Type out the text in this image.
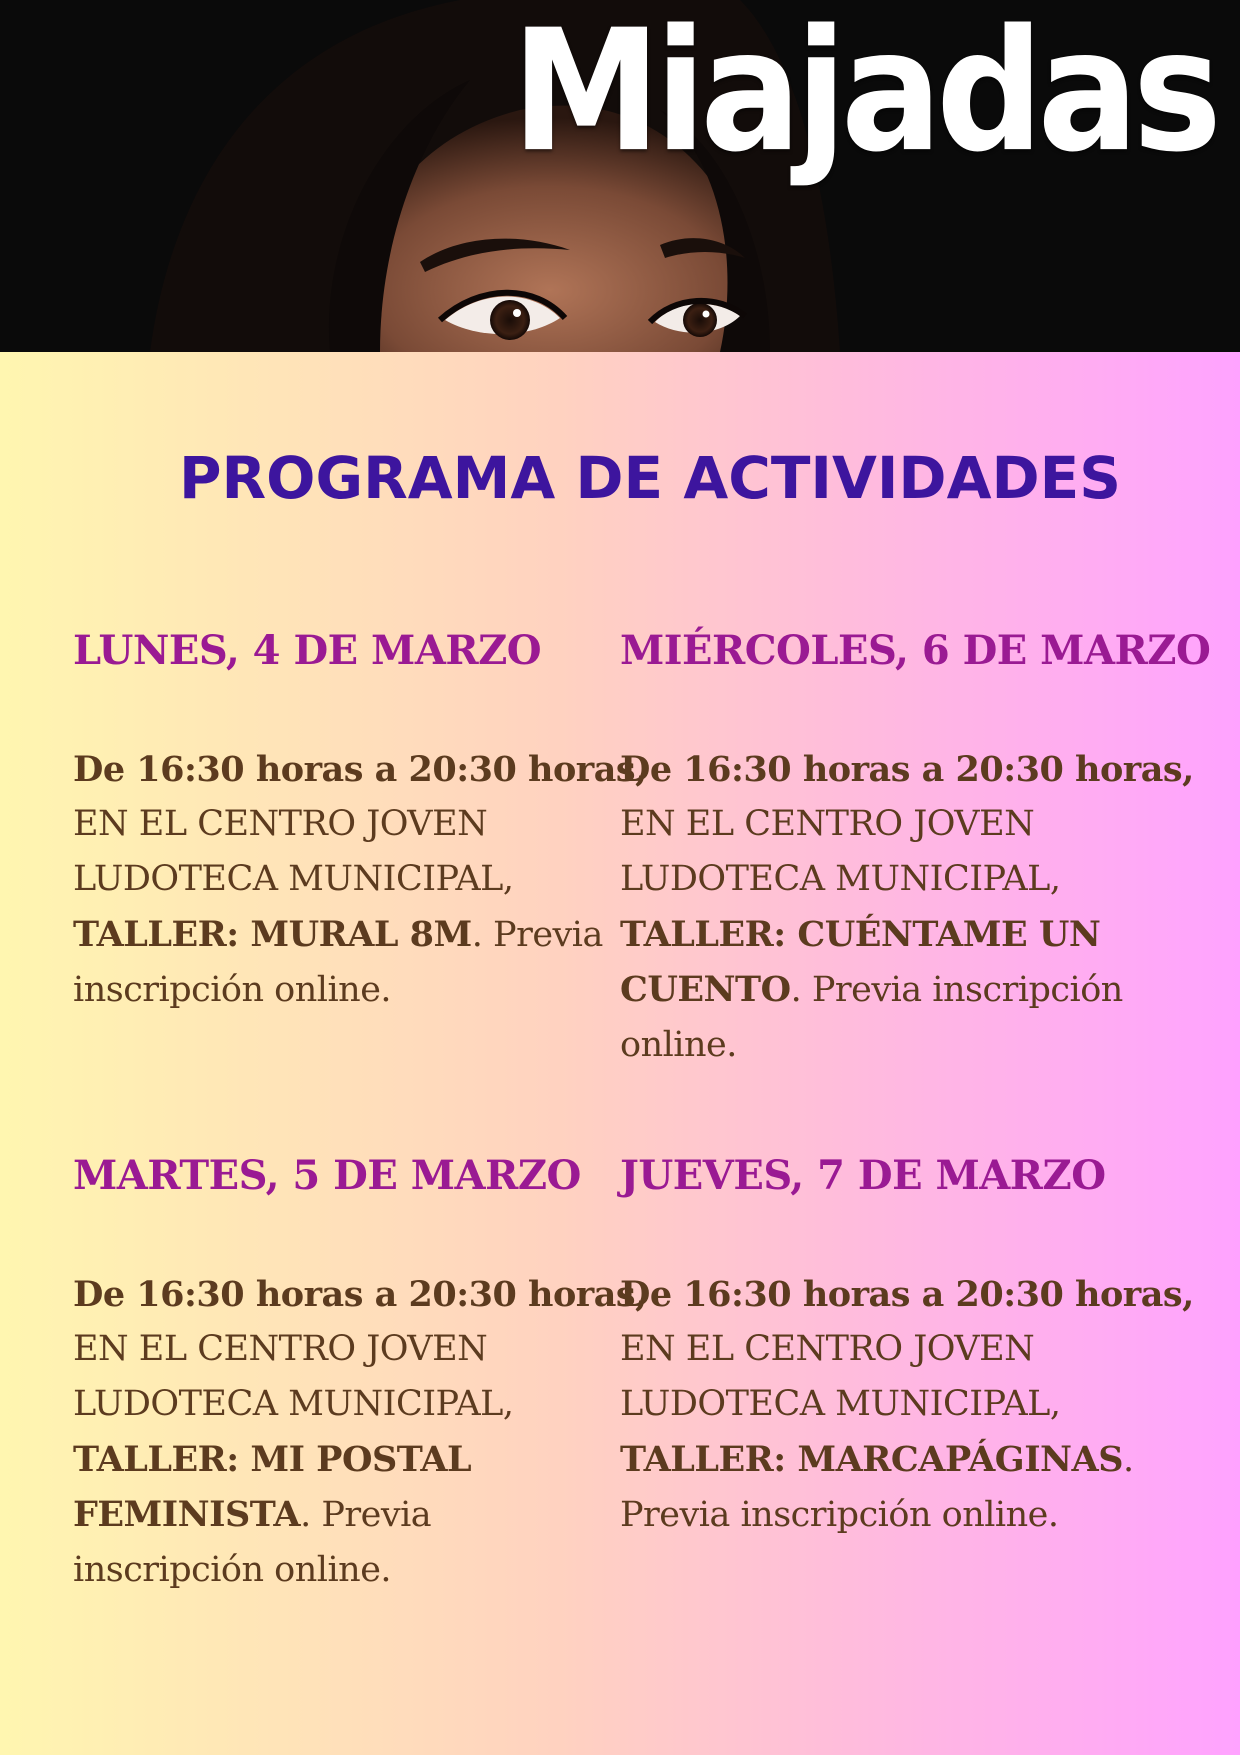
Miajadas
PROGRAMA DE ACTIVIDADES
LUNES, 4 DE MARZO
De 16:30 horas a 20:30 horas,
EN EL CENTRO JOVEN
LUDOTECA MUNICIPAL,
TALLER: MURAL 8M. Previa
inscripción online.
MIÉRCOLES, 6 DE MARZO
De 16:30 horas a 20:30 horas,
EN EL CENTRO JOVEN
LUDOTECA MUNICIPAL,
TALLER: CUÉNTAME UN
CUENTO. Previa inscripción
online.
MARTES, 5 DE MARZO
De 16:30 horas a 20:30 horas,
EN EL CENTRO JOVEN
LUDOTECA MUNICIPAL,
TALLER: MI POSTAL
FEMINISTA. Previa
inscripción online.
JUEVES, 7 DE MARZO
De 16:30 horas a 20:30 horas,
EN EL CENTRO JOVEN
LUDOTECA MUNICIPAL,
TALLER: MARCAPÁGINAS.
Previa inscripción online.
